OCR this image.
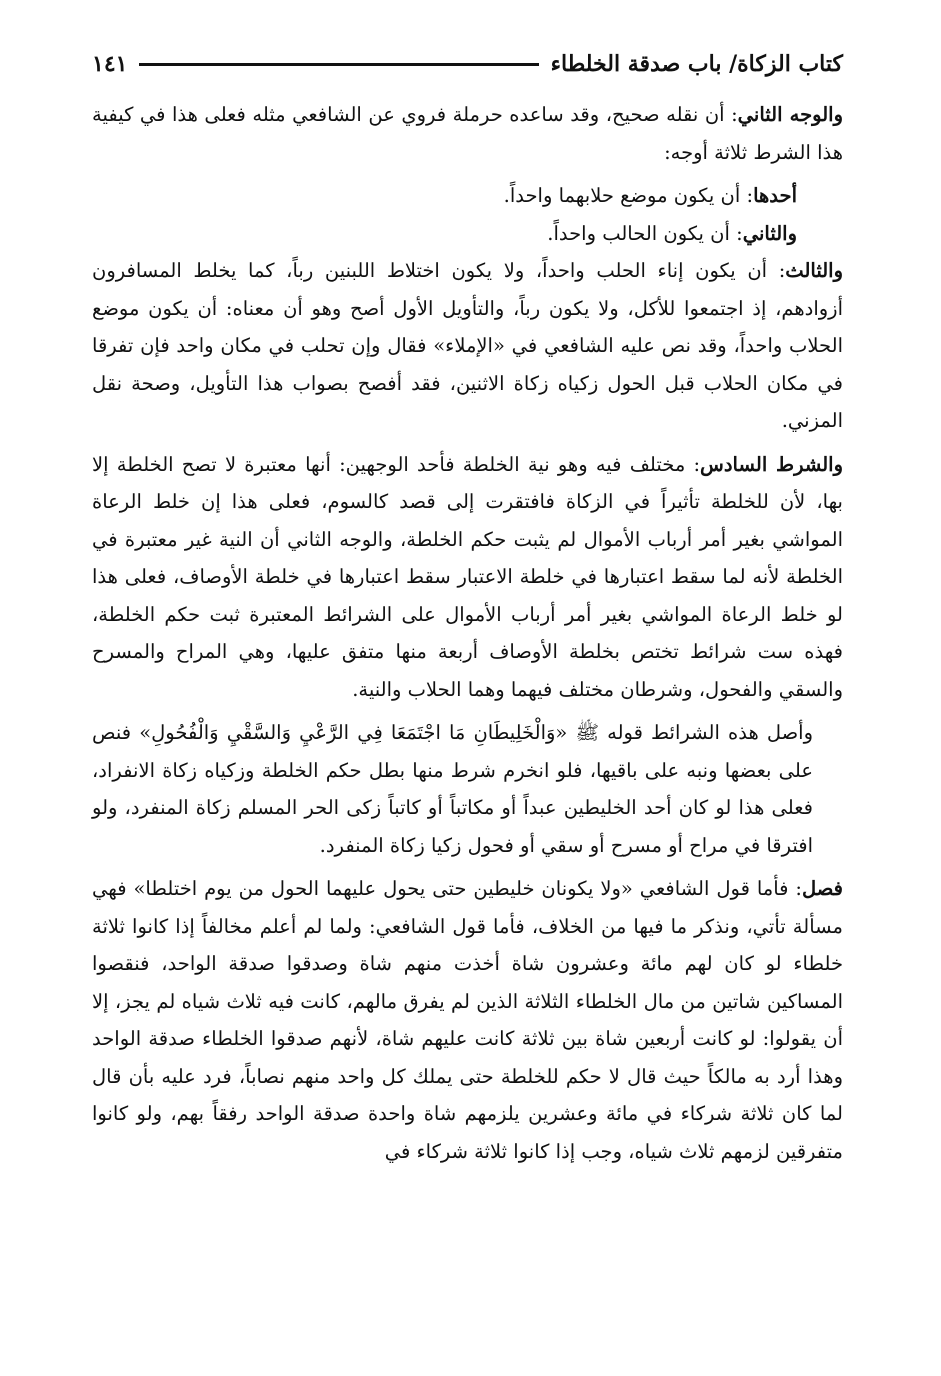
كتاب الزكاة/ باب صدقة الخلطاء
١٤١

والوجه الثاني: أن نقله صحيح، وقد ساعده حرملة فروي عن الشافعي مثله فعلى هذا في كيفية هذا الشرط ثلاثة أوجه:

أحدها: أن يكون موضع حلابهما واحداً.

والثاني: أن يكون الحالب واحداً.

والثالث: أن يكون إناء الحلب واحداً، ولا يكون اختلاط اللبنين رباً، كما يخلط المسافرون أزوادهم، إذ اجتمعوا للأكل، ولا يكون رباً، والتأويل الأول أصح وهو أن معناه: أن يكون موضع الحلاب واحداً، وقد نص عليه الشافعي في «الإملاء» فقال وإن تحلب في مكان واحد فإن تفرقا في مكان الحلاب قبل الحول زكياه زكاة الاثنين، فقد أفصح بصواب هذا التأويل، وصحة نقل المزني.

والشرط السادس: مختلف فيه وهو نية الخلطة فأحد الوجهين: أنها معتبرة لا تصح الخلطة إلا بها، لأن للخلطة تأثيراً في الزكاة فافتقرت إلى قصد كالسوم، فعلى هذا إن خلط الرعاة المواشي بغير أمر أرباب الأموال لم يثبت حكم الخلطة، والوجه الثاني أن النية غير معتبرة في الخلطة لأنه لما سقط اعتبارها في خلطة الاعتبار سقط اعتبارها في خلطة الأوصاف، فعلى هذا لو خلط الرعاة المواشي بغير أمر أرباب الأموال على الشرائط المعتبرة ثبت حكم الخلطة، فهذه ست شرائط تختص بخلطة الأوصاف أربعة منها متفق عليها، وهي المراح والمسرح والسقي والفحول، وشرطان مختلف فيهما وهما الحلاب والنية.

وأصل هذه الشرائط قوله ﷺ «وَالْخَلِيطَانِ مَا اجْتَمَعَا فِي الرَّعْيِ وَالسَّقْيِ وَالْفُحُولِ» فنص على بعضها ونبه على باقيها، فلو انخرم شرط منها بطل حكم الخلطة وزكياه زكاة الانفراد، فعلى هذا لو كان أحد الخليطين عبداً أو مكاتباً أو كاتباً زكى الحر المسلم زكاة المنفرد، ولو افترقا في مراح أو مسرح أو سقي أو فحول زكيا زكاة المنفرد.

فصل: فأما قول الشافعي «ولا يكونان خليطين حتى يحول عليهما الحول من يوم اختلطا» فهي مسألة تأتي، ونذكر ما فيها من الخلاف، فأما قول الشافعي: ولما لم أعلم مخالفاً إذا كانوا ثلاثة خلطاء لو كان لهم مائة وعشرون شاة أخذت منهم شاة وصدقوا صدقة الواحد، فنقصوا المساكين شاتين من مال الخلطاء الثلاثة الذين لم يفرق مالهم، كانت فيه ثلاث شياه لم يجز، إلا أن يقولوا: لو كانت أربعين شاة بين ثلاثة كانت عليهم شاة، لأنهم صدقوا الخلطاء صدقة الواحد وهذا أرد به مالكاً حيث قال لا حكم للخلطة حتى يملك كل واحد منهم نصاباً، فرد عليه بأن قال لما كان ثلاثة شركاء في مائة وعشرين يلزمهم شاة واحدة صدقة الواحد رفقاً بهم، ولو كانوا متفرقين لزمهم ثلاث شياه، وجب إذا كانوا ثلاثة شركاء في
